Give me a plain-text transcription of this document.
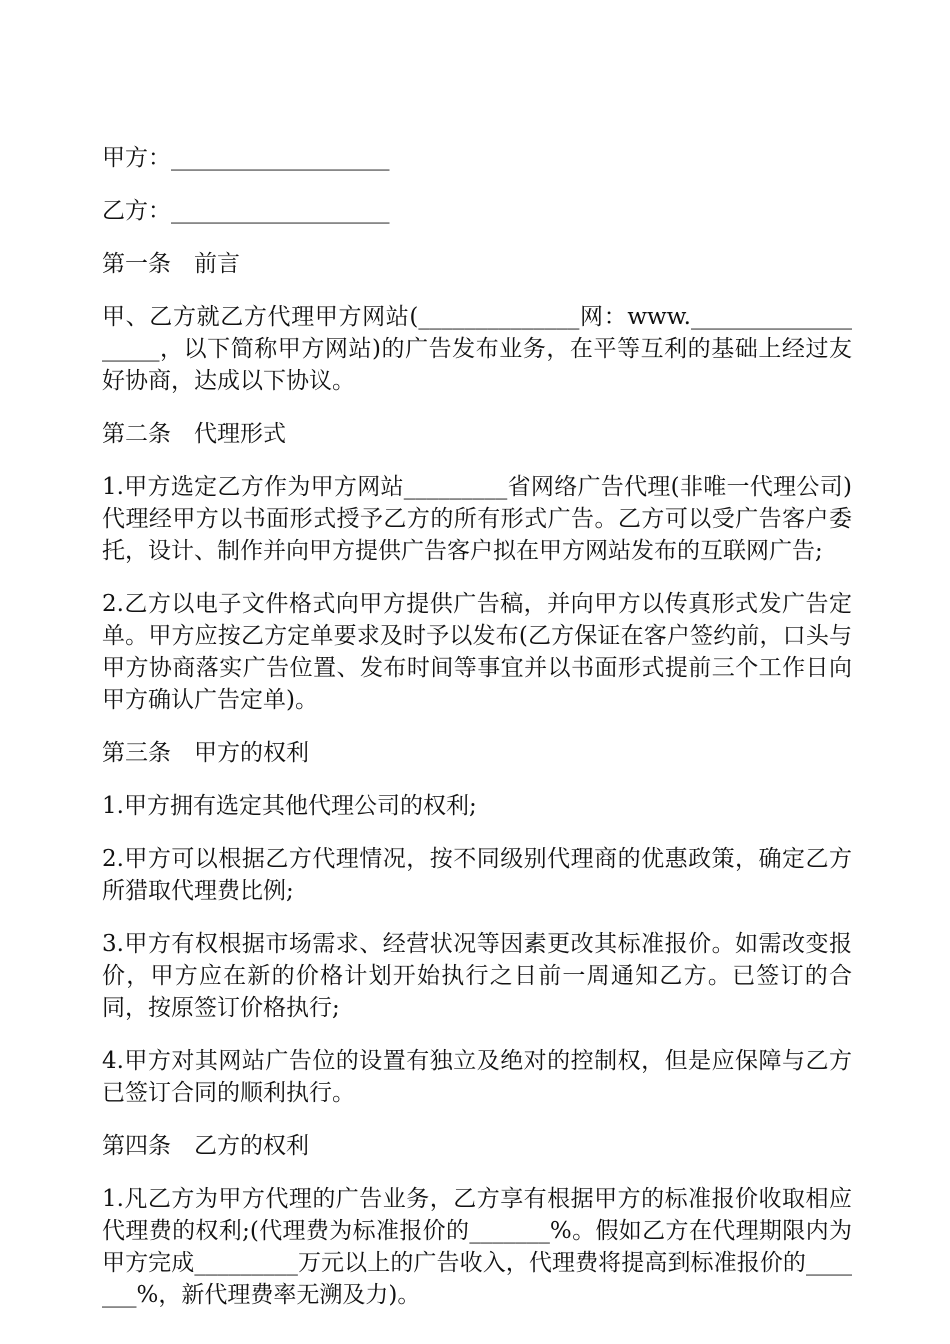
甲方：___________________

乙方：___________________

第一条　前言

甲、乙方就乙方代理甲方网站(______________网：www.___________________，以下简称甲方网站)的广告发布业务，在平等互利的基础上经过友好协商，达成以下协议。

第二条　代理形式

1.甲方选定乙方作为甲方网站_________省网络广告代理(非唯一代理公司)代理经甲方以书面形式授予乙方的所有形式广告。乙方可以受广告客户委托，设计、制作并向甲方提供广告客户拟在甲方网站发布的互联网广告;

2.乙方以电子文件格式向甲方提供广告稿，并向甲方以传真形式发广告定单。甲方应按乙方定单要求及时予以发布(乙方保证在客户签约前，口头与甲方协商落实广告位置、发布时间等事宜并以书面形式提前三个工作日向甲方确认广告定单)。

第三条　甲方的权利

1.甲方拥有选定其他代理公司的权利;

2.甲方可以根据乙方代理情况，按不同级别代理商的优惠政策，确定乙方所猎取代理费比例;

3.甲方有权根据市场需求、经营状况等因素更改其标准报价。如需改变报价，甲方应在新的价格计划开始执行之日前一周通知乙方。已签订的合同，按原签订价格执行;

4.甲方对其网站广告位的设置有独立及绝对的控制权，但是应保障与乙方已签订合同的顺利执行。

第四条　乙方的权利

1.凡乙方为甲方代理的广告业务，乙方享有根据甲方的标准报价收取相应代理费的权利;(代理费为标准报价的_______%。假如乙方在代理期限内为甲方完成_________万元以上的广告收入，代理费将提高到标准报价的_______%，新代理费率无溯及力)。
